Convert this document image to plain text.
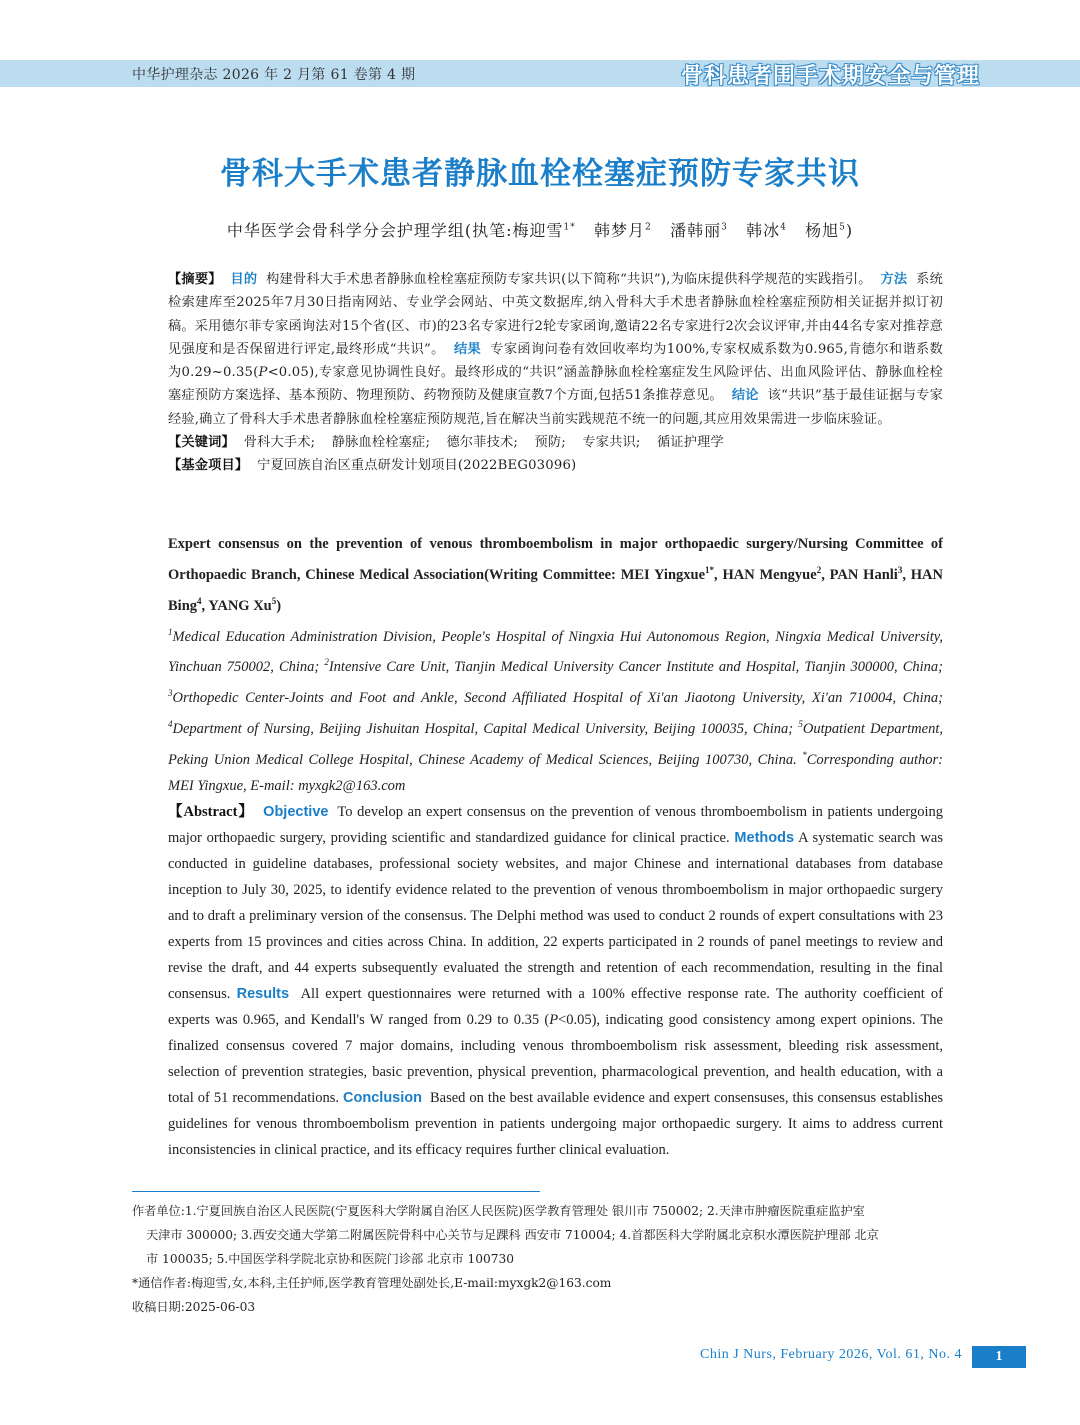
中华护理杂志 2026 年 2 月第 61 卷第 4 期	骨科患者围手术期安全与管理
骨科大手术患者静脉血栓栓塞症预防专家共识
中华医学会骨科学分会护理学组(执笔:梅迎雪$^{1*}$ 韩梦月$^2$ 潘韩丽$^3$ 韩冰$^4$ 杨旭$^5$)
【摘要】 目的 构建骨科大手术患者静脉血栓栓塞症预防专家共识(以下简称“共识”),为临床提供科学规范的实践指引。 方法 系统检索建库至2025年7月30日指南网站、专业学会网站、中英文数据库,纳入骨科大手术患者静脉血栓栓塞症预防相关证据并拟订初稿。采用德尔菲专家函询法对15个省(区、市)的23名专家进行2轮专家函询,邀请22名专家进行2次会议评审,并由44名专家对推荐意见强度和是否保留进行评定,最终形成“共识”。 结果 专家函询问卷有效回收率均为100%,专家权威系数为0.965,肯德尔和谐系数为0.29~0.35(P<0.05),专家意见协调性良好。最终形成的“共识”涵盖静脉血栓栓塞症发生风险评估、出血风险评估、静脉血栓栓塞症预防方案选择、基本预防、物理预防、药物预防及健康宣教7个方面,包括51条推荐意见。 结论 该“共识”基于最佳证据与专家经验,确立了骨科大手术患者静脉血栓栓塞症预防规范,旨在解决当前实践规范不统一的问题,其应用效果需进一步临床验证。
【关键词】 骨科大手术; 静脉血栓栓塞症; 德尔菲技术; 预防; 专家共识; 循证护理学
【基金项目】 宁夏回族自治区重点研发计划项目(2022BEG03096)
Expert consensus on the prevention of venous thromboembolism in major orthopaedic surgery/Nursing Committee of Orthopaedic Branch, Chinese Medical Association(Writing Committee: MEI Yingxue$^{1*}$, HAN Mengyue$^2$, PAN Hanli$^3$, HAN Bing$^4$, YANG Xu$^5$)
$^1$Medical Education Administration Division, People's Hospital of Ningxia Hui Autonomous Region, Ningxia Medical University, Yinchuan 750002, China; $^2$Intensive Care Unit, Tianjin Medical University Cancer Institute and Hospital, Tianjin 300000, China; $^3$Orthopedic Center-Joints and Foot and Ankle, Second Affiliated Hospital of Xi'an Jiaotong University, Xi'an 710004, China; $^4$Department of Nursing, Beijing Jishuitan Hospital, Capital Medical University, Beijing 100035, China; $^5$Outpatient Department, Peking Union Medical College Hospital, Chinese Academy of Medical Sciences, Beijing 100730, China. *Corresponding author: MEI Yingxue, E-mail: myxgk2@163.com
【Abstract】 Objective To develop an expert consensus on the prevention of venous thromboembolism in patients undergoing major orthopaedic surgery, providing scientific and standardized guidance for clinical practice. Methods A systematic search was conducted in guideline databases, professional society websites, and major Chinese and international databases from database inception to July 30, 2025, to identify evidence related to the prevention of venous thromboembolism in major orthopaedic surgery and to draft a preliminary version of the consensus. The Delphi method was used to conduct 2 rounds of expert consultations with 23 experts from 15 provinces and cities across China. In addition, 22 experts participated in 2 rounds of panel meetings to review and revise the draft, and 44 experts subsequently evaluated the strength and retention of each recommendation, resulting in the final consensus. Results All expert questionnaires were returned with a 100% effective response rate. The authority coefficient of experts was 0.965, and Kendall's W ranged from 0.29 to 0.35 (P<0.05), indicating good consistency among expert opinions. The finalized consensus covered 7 major domains, including venous thromboembolism risk assessment, bleeding risk assessment, selection of prevention strategies, basic prevention, physical prevention, pharmacological prevention, and health education, with a total of 51 recommendations. Conclusion Based on the best available evidence and expert consensuses, this consensus establishes guidelines for venous thromboembolism prevention in patients undergoing major orthopaedic surgery. It aims to address current inconsistencies in clinical practice, and its efficacy requires further clinical evaluation.

作者单位:1.宁夏回族自治区人民医院(宁夏医科大学附属自治区人民医院)医学教育管理处 银川市 750002; 2.天津市肿瘤医院重症监护室

天津市 300000; 3.西安交通大学第二附属医院骨科中心关节与足踝科 西安市 710004; 4.首都医科大学附属北京积水潭医院护理部 北京

市 100035; 5.中国医学科学院北京协和医院门诊部 北京市 100730

*通信作者:梅迎雪,女,本科,主任护师,医学教育管理处副处长,E-mail:myxgk2@163.com

收稿日期:2025-06-03

Chin J Nurs, February 2026, Vol. 61, No. 4	1
